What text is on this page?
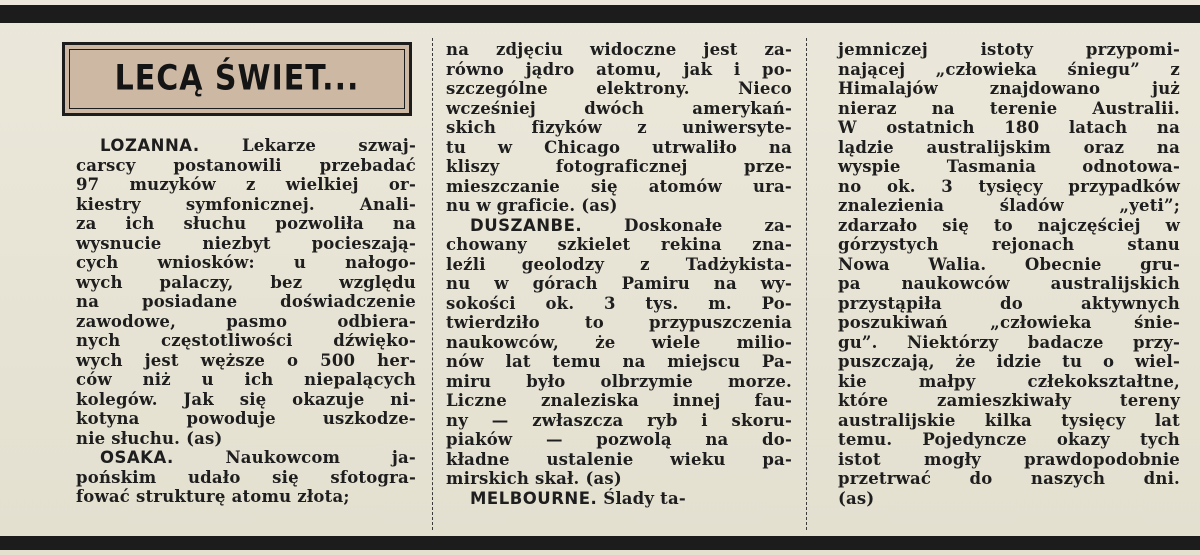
LECĄ ŚWIET...
LOZANNA. Lekarze szwaj-
carscy postanowili przebadać
97 muzyków z wielkiej or-
kiestry symfonicznej. Anali-
za ich słuchu pozwoliła na
wysnucie niezbyt pocieszają-
cych wniosków: u nałogo-
wych palaczy, bez względu
na posiadane doświadczenie
zawodowe, pasmo odbiera-
nych częstotliwości dźwięko-
wych jest węższe o 500 her-
ców niż u ich niepalących
kolegów. Jak się okazuje ni-
kotyna powoduje uszkodze-
nie słuchu. (as)
OSAKA. Naukowcom ja-
pońskim udało się sfotogra-
fować strukturę atomu złota;
na zdjęciu widoczne jest za-
równo jądro atomu, jak i po-
szczególne elektrony. Nieco
wcześniej dwóch amerykań-
skich fizyków z uniwersyte-
tu w Chicago utrwaliło na
kliszy fotograficznej prze-
mieszczanie się atomów ura-
nu w graficie. (as)
DUSZANBE. Doskonałe za-
chowany szkielet rekina zna-
leźli geolodzy z Tadżykista-
nu w górach Pamiru na wy-
sokości ok. 3 tys. m. Po-
twierdziło to przypuszczenia
naukowców, że wiele milio-
nów lat temu na miejscu Pa-
miru było olbrzymie morze.
Liczne znaleziska innej fau-
ny — zwłaszcza ryb i skoru-
piaków — pozwolą na do-
kładne ustalenie wieku pa-
mirskich skał. (as)
MELBOURNE. Ślady ta-
jemniczej istoty przypomi-
nającej „człowieka śniegu” z
Himalajów znajdowano już
nieraz na terenie Australii.
W ostatnich 180 latach na
lądzie australijskim oraz na
wyspie Tasmania odnotowa-
no ok. 3 tysięcy przypadków
znalezienia śladów „yeti”;
zdarzało się to najczęściej w
górzystych rejonach stanu
Nowa Walia. Obecnie gru-
pa naukowców australijskich
przystąpiła do aktywnych
poszukiwań „człowieka śnie-
gu”. Niektórzy badacze przy-
puszczają, że idzie tu o wiel-
kie małpy człekokształtne,
które zamieszkiwały tereny
australijskie kilka tysięcy lat
temu. Pojedyncze okazy tych
istot mogły prawdopodobnie
przetrwać do naszych dni.
(as)
